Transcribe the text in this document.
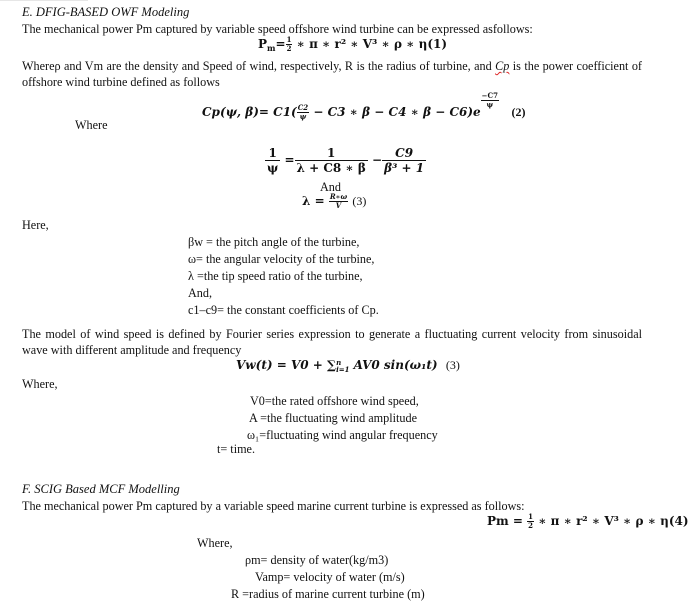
E. DFIG-BASED OWF Modeling
The mechanical power Pm captured by variable speed offshore wind turbine can be expressed asfollows:
$P_m= \frac{1}{2}$ ∗ π ∗ r² ∗ V³ ∗ ρ ∗ η(1)
Whereρ and Vm are the density and Speed of wind, respectively, R is the radius of turbine, and Cp is the power coefficient of offshore wind turbine defined as follows
Cp(ψ, $\beta)= C1( \frac{C2}{\psi} - C3$ ∗ β − C4 ∗ β − C6)e
$\frac{-C7}{\psi}$
(2)
Where
$\frac{1}{\psi} = \frac{1}{\lambda + C8 ∗ \beta} - \frac{C9}{\text{β³ + 1}}$
And
$\lambda = \frac{R∗\omega}{V} (3)$
Here,
βw = the pitch angle of the turbine,
ω= the angular velocity of the turbine,
λ =the tip speed ratio of the turbine,
And,
c1–c9= the constant coefficients of Cp.
The model of wind speed is defined by Fourier series expression to generate a fluctuating current velocity from sinusoidal wave with different amplitude and frequency
Vw(t) = V0 + ∑ n
i=1 AV0 sin(ω₁t) (3)
Where,
V0=the rated offshore wind speed,
A =the fluctuating wind amplitude
ω₁=fluctuating wind angular frequency
t= time.
F. SCIG Based MCF Modelling
The mechanical power Pm captured by a variable speed marine current turbine is expressed as follows:
$Pm = \frac{1}{2}$ ∗ π ∗ r² ∗ V³ ∗ ρ ∗ η(4)
Where,
ρm= density of water(kg/m3)
Vamp= velocity of water (m/s)
R =radius of marine current turbine (m)
